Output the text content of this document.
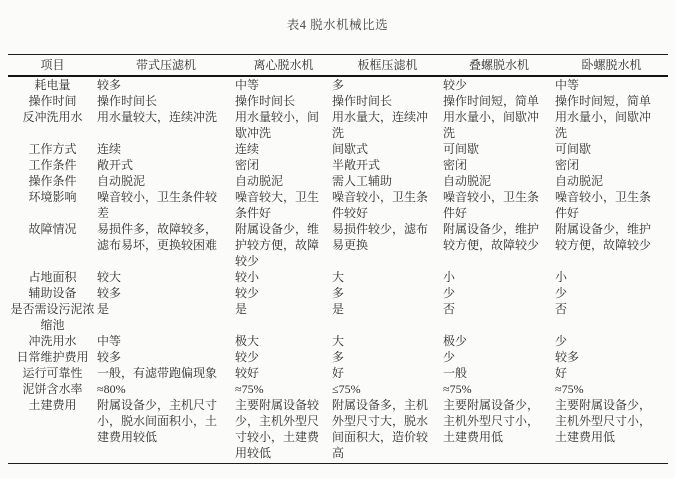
表4 脱水机械比选
项目	带式压滤机	离心脱水机	板框压滤机	叠螺脱水机	卧螺脱水机
耗电量	较多	中等	多	较少	中等
操作时间	操作时间长	操作时间长	操作时间长	操作时间短，简单	操作时间短，简单
反冲洗用水	用水量较大，连续冲洗	用水量较小，间歇冲洗	用水量大，连续冲洗	用水量小，间歇冲洗	用水量小，间歇冲洗
工作方式	连续	连续	间歇式	可间歇	可间歇
工作条件	敞开式	密闭	半敞开式	密闭	密闭
操作条件	自动脱泥	自动脱泥	需人工辅助	自动脱泥	自动脱泥
环境影响	噪音较小，卫生条件较差	噪音较大，卫生条件好	噪音较小，卫生条件较好	噪音较小，卫生条件好	噪音较小，卫生条件好
故障情况	易损件多，故障较多，滤布易坏，更换较困难	附属设备少，维护较方便，故障较少	易损件较少，滤布易更换	附属设备少，维护较方便，故障较少	附属设备少，维护较方便，故障较少
占地面积	较大	较小	大	小	小
辅助设备	较多	较少	多	少	少
是否需设污泥浓缩池	是	是	是	否	否
冲洗用水	中等	极大	大	极少	少
日常维护费用	较多	较少	多	少	较多
运行可靠性	一般，有滤带跑偏现象	较好	好	一般	好
泥饼含水率	≈80%	≈75%	≤75%	≈75%	≈75%
土建费用	附属设备少，主机尺寸小，脱水间面积小，土建费用较低	主要附属设备较少，主机外型尺寸较小，土建费用较低	附属设备多，主机外型尺寸大，脱水间面积大，造价较高	主要附属设备少，主机外型尺寸小，土建费用低	主要附属设备少，主机外型尺寸小，土建费用低
